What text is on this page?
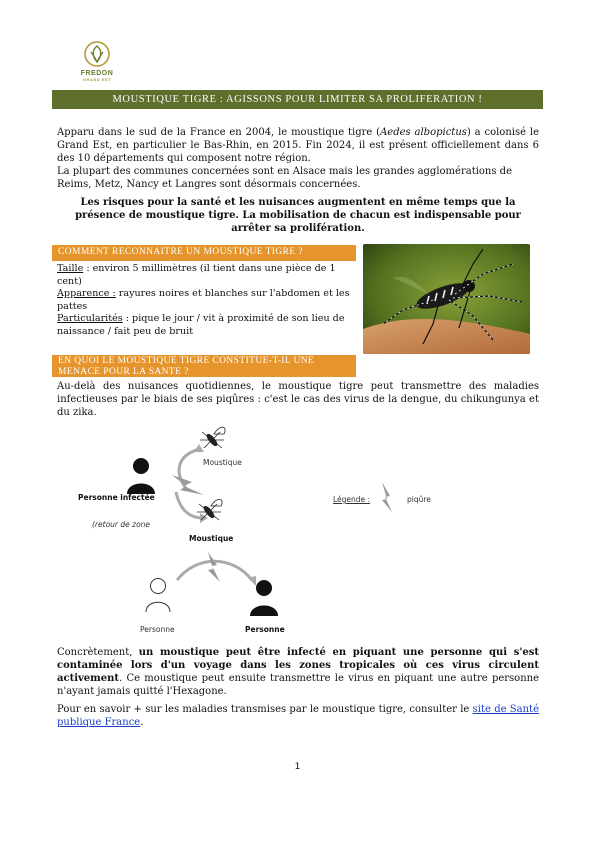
FREDON
GRAND EST
MOUSTIQUE TIGRE : AGISSONS POUR LIMITER SA PROLIFERATION !
Apparu dans le sud de la France en 2004, le moustique tigre (Aedes albopictus) a colonisé le Grand Est, en particulier le Bas-Rhin, en 2015. Fin 2024, il est présent officiellement dans 6 des 10 départements qui composent notre région.
La plupart des communes concernées sont en Alsace mais les grandes agglomérations de Reims, Metz, Nancy et Langres sont désormais concernées.
Les risques pour la santé et les nuisances augmentent en même temps que la présence de moustique tigre. La mobilisation de chacun est indispensable pour arrêter sa prolifération.
COMMENT RECONNAITRE UN MOUSTIQUE TIGRE ?
Taille : environ 5 millimètres (il tient dans une pièce de 1 cent)
Apparence : rayures noires et blanches sur l'abdomen et les pattes
Particularités : pique le jour / vit à proximité de son lieu de naissance / fait peu de bruit
EN QUOI LE MOUSTIQUE TIGRE CONSTITUE-T-IL UNE MENACE POUR LA SANTE ?
Au-delà des nuisances quotidiennes, le moustique tigre peut transmettre des maladies infectieuses par le biais de ses piqûres : c'est le cas des virus de la dengue, du chikungunya et du zika.
Moustique
Personne infectée
(retour de zone
Moustique
Personne	Personne
Légende :	piqûre
Concrètement, un moustique peut être infecté en piquant une personne qui s'est contaminée lors d'un voyage dans les zones tropicales où ces virus circulent activement. Ce moustique peut ensuite transmettre le virus en piquant une autre personne n'ayant jamais quitté l'Hexagone.
Pour en savoir + sur les maladies transmises par le moustique tigre, consulter le site de Santé publique France.
1
